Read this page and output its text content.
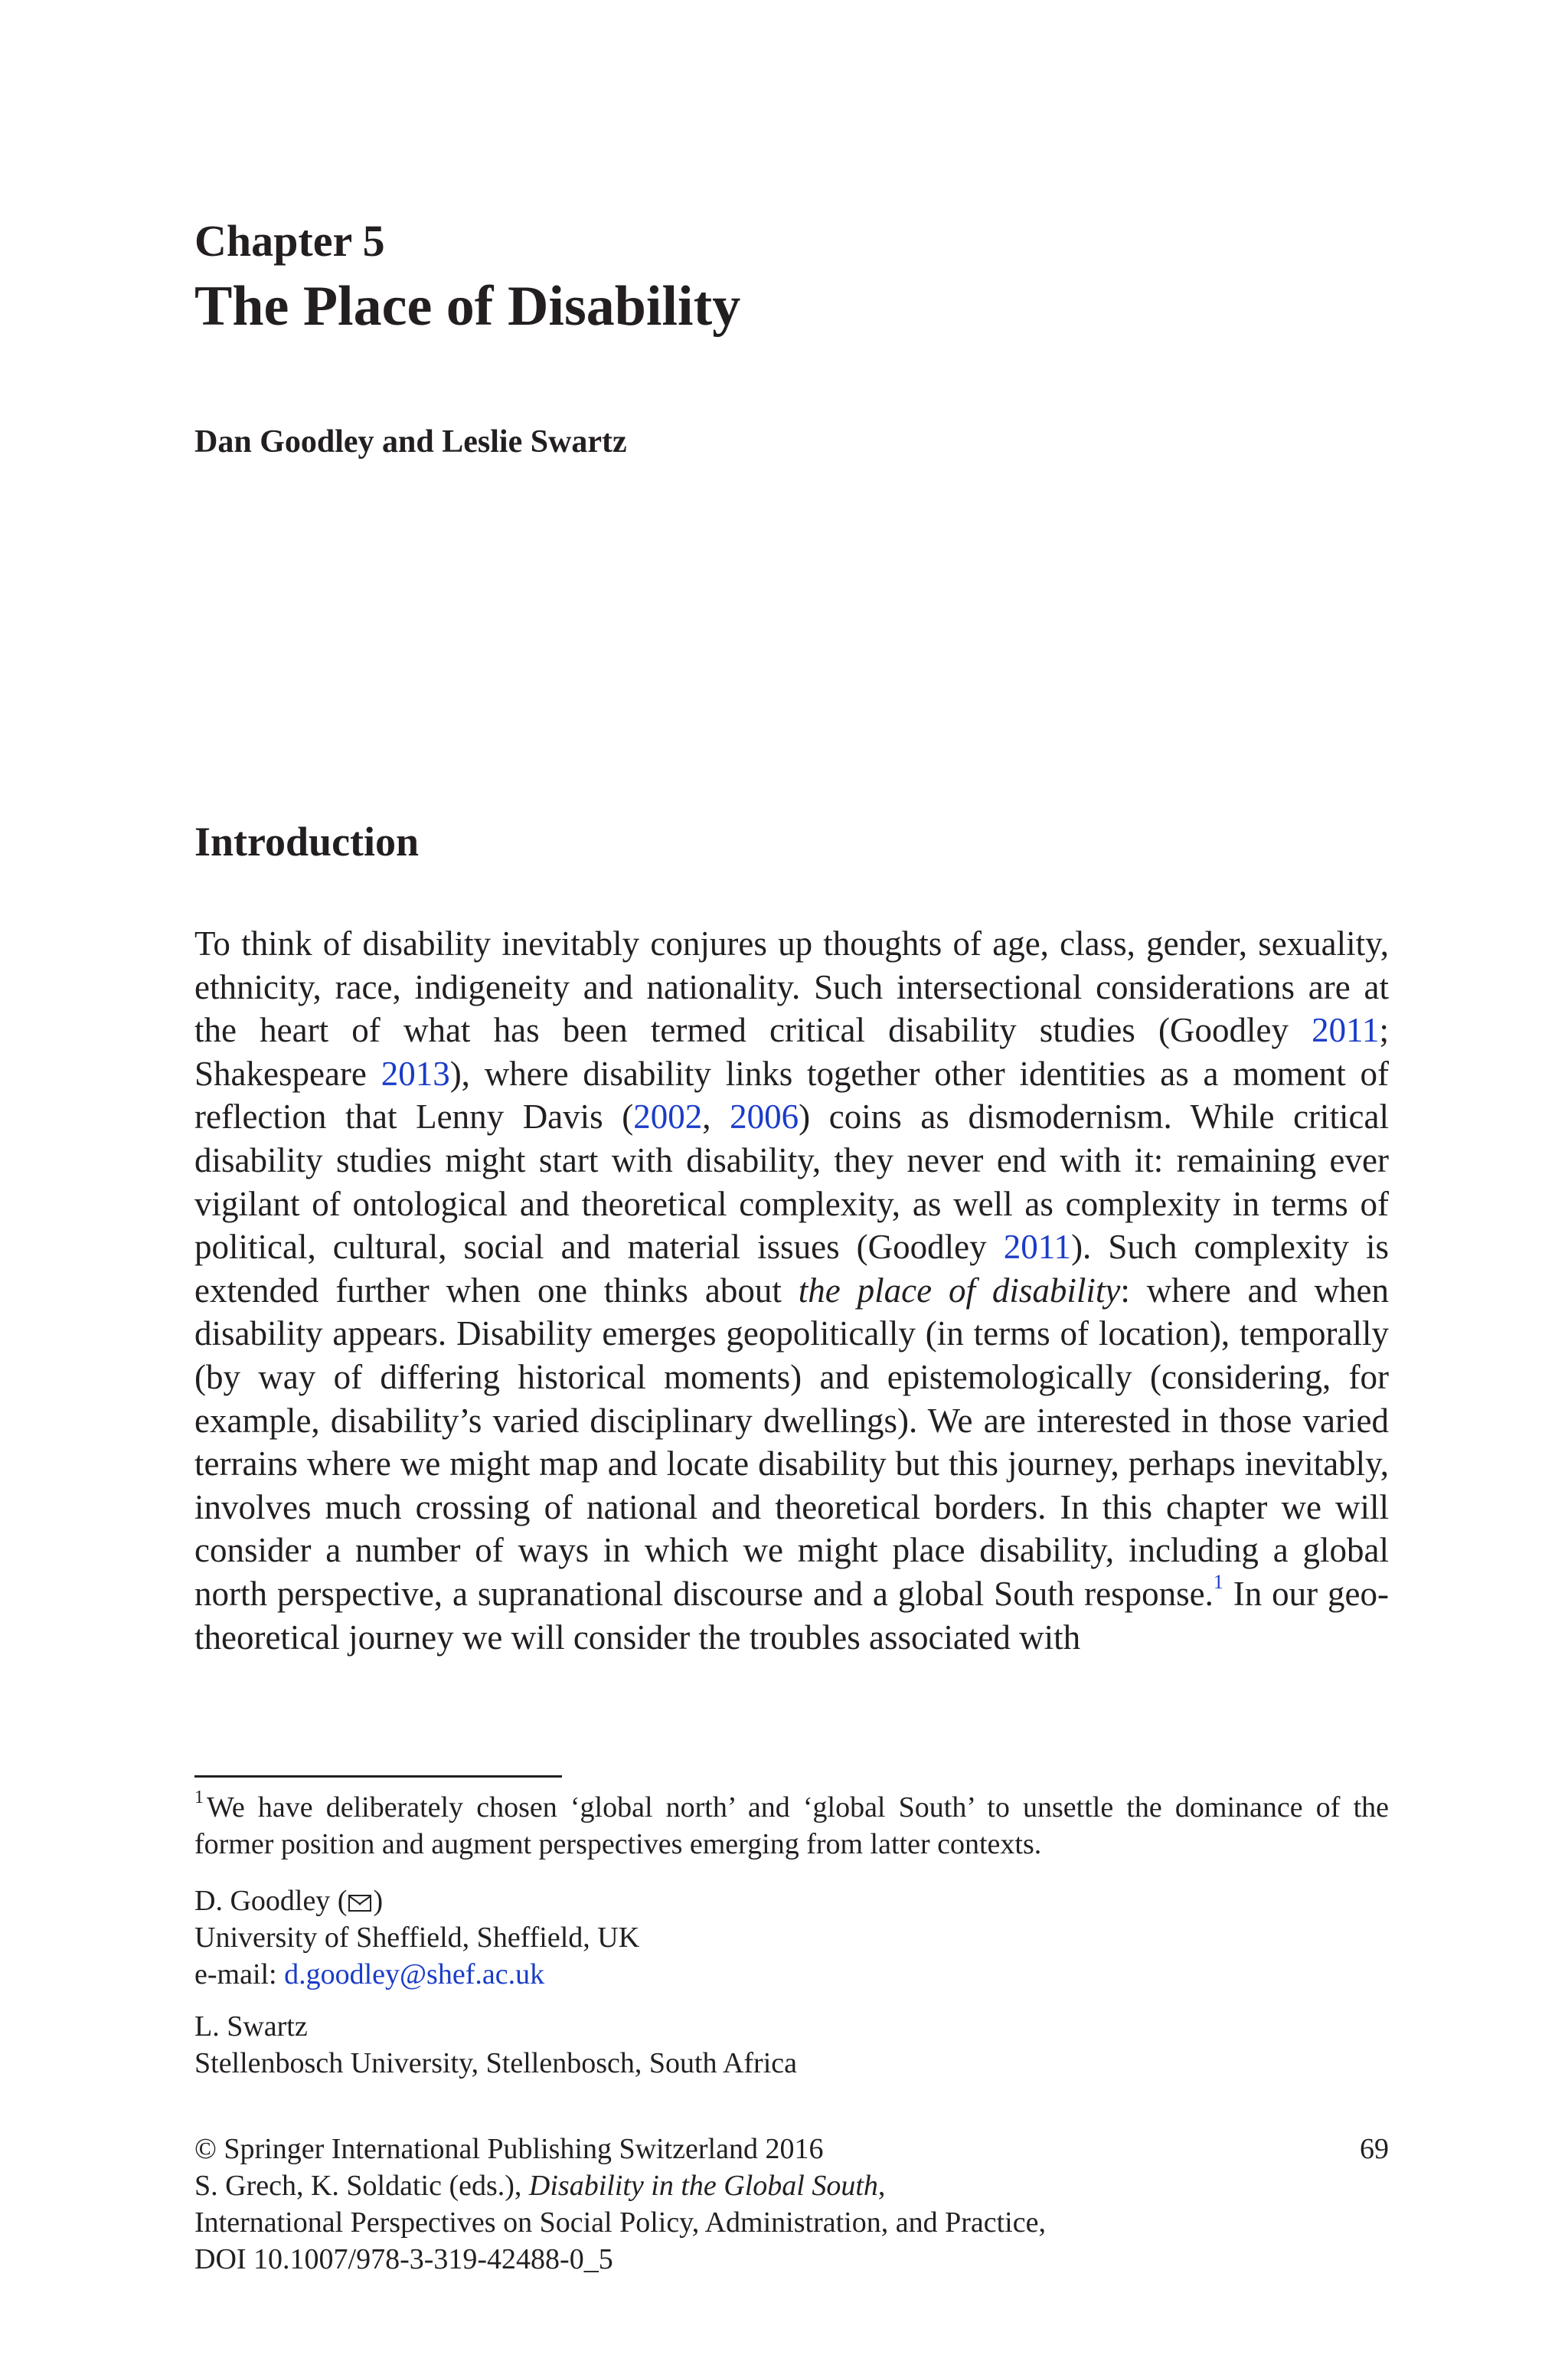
Chapter 5
The Place of Disability
Dan Goodley and Leslie Swartz
Introduction
To think of disability inevitably conjures up thoughts of age, class, gender, sexuality, ethnicity, race, indigeneity and nationality. Such intersectional considerations are at the heart of what has been termed critical disability studies (Goodley 2011; Shakespeare 2013), where disability links together other identities as a moment of reflection that Lenny Davis (2002, 2006) coins as dismodernism. While critical disability studies might start with disability, they never end with it: remaining ever vigilant of ontological and theoretical complexity, as well as complexity in terms of political, cultural, social and material issues (Goodley 2011). Such complexity is extended further when one thinks about the place of disability: where and when disability appears. Disability emerges geopolitically (in terms of location), temporally (by way of differing historical moments) and epistemologically (considering, for example, disability’s varied disciplinary dwellings). We are interested in those varied terrains where we might map and locate disability but this journey, perhaps inevitably, involves much crossing of national and theoretical borders. In this chapter we will consider a number of ways in which we might place disability, including a global north perspective, a supranational discourse and a global South response.$^1$ In our geo-theoretical journey we will consider the troubles associated with
$^1$ We have deliberately chosen ‘global north’ and ‘global South’ to unsettle the dominance of the former position and augment perspectives emerging from latter contexts.
D. Goodley ( )
University of Sheffield, Sheffield, UK
e-mail: d.goodley@shef.ac.uk
L. Swartz
Stellenbosch University, Stellenbosch, South Africa
© Springer International Publishing Switzerland 2016
S. Grech, K. Soldatic (eds.), Disability in the Global South,
International Perspectives on Social Policy, Administration, and Practice,
DOI 10.1007/978-3-319-42488-0_5
69
